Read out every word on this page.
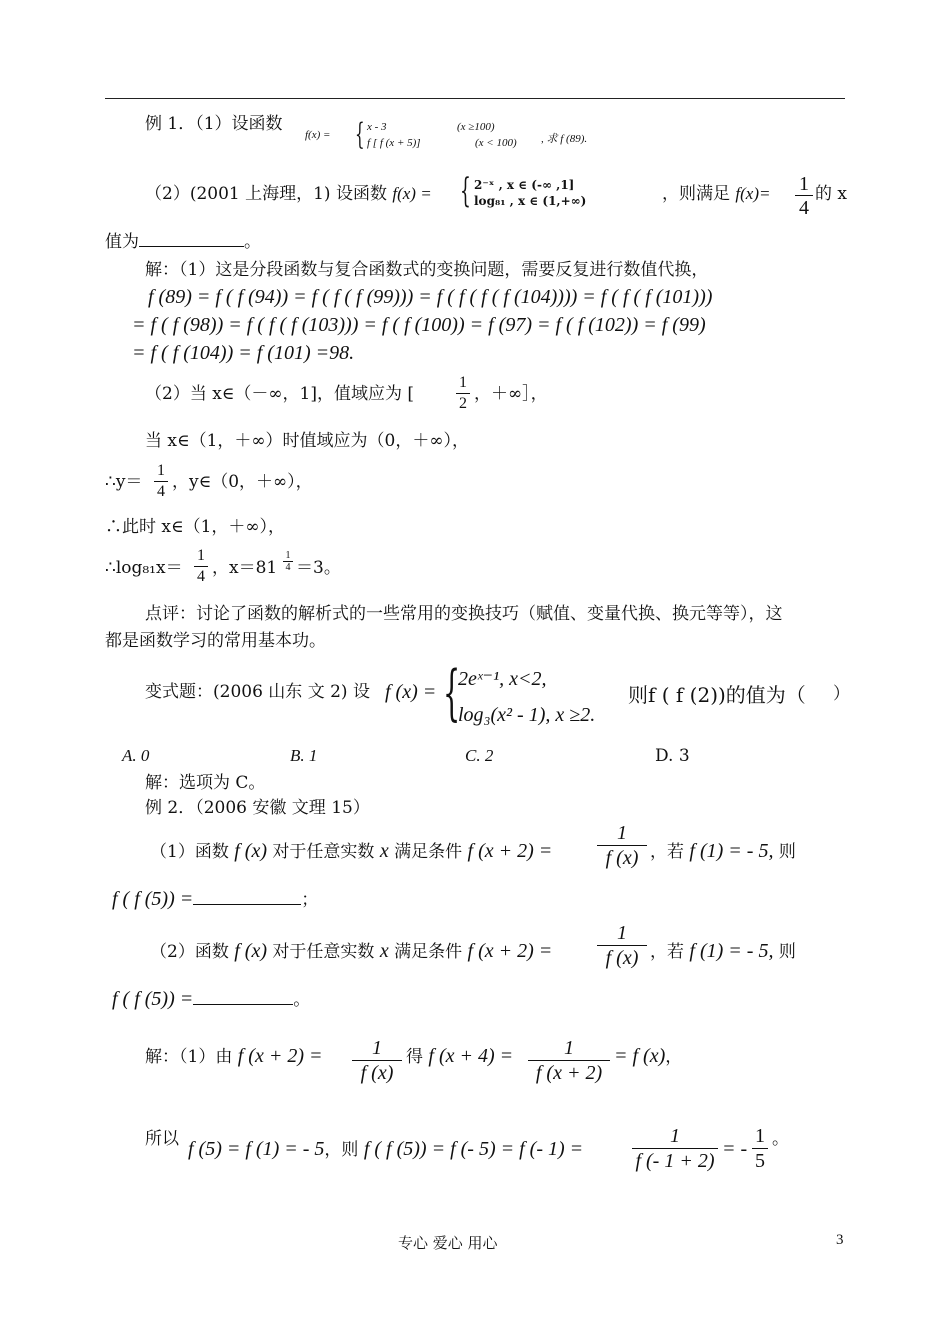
例 1．（1）设函数
f(x) = { x - 3	(x ≥100)
f [ f (x + 5)]	(x < 100) , 求 f (89).
（2）(2001 上海理，1) 设函数 f(x) = { 2⁻ˣ , x ∈ (-∞ ,1]
log₈₁ , x ∈ (1,+∞)	，则满足 f(x)= 1
4
的 x
值为	。
解：（1）这是分段函数与复合函数式的变换问题，需要反复进行数值代换，
f (89) = f ( f (94)) = f ( f ( f (99))) = f ( f ( f ( f (104)))) = f ( f ( f (101)))
= f ( f (98)) = f ( f ( f (103))) = f ( f (100)) = f (97) = f ( f (102)) = f (99)
= f ( f (104)) = f (101) =98.
（2）当 x∈（－∞，1]，值域应为 [
1
2 ，＋∞］，
当 x∈（1，＋∞）时值域应为（0，＋∞），
∴y＝
1
4 ，y∈（0，＋∞），
∴此时 x∈（1，＋∞），
∴log₈₁x＝
1
4 ，x＝81
1
4 ＝3。
点评：讨论了函数的解析式的一些常用的变换技巧（赋值、变量代换、换元等等），这
都是函数学习的常用基本功。
变式题：(2006 山东 文 2) 设 f (x) = {
2eˣ⁻¹, x<2,
log₃(x² - 1), x ≥2.
则f ( f (2))的值为（ ）
A. 0	B. 1	C. 2	D. 3
解：选项为 C。
例 2．（2006 安徽 文理 15）
（1）函数 f (x) 对于任意实数 x 满足条件 f (x + 2) =
1
f (x) ，若 f (1) = - 5, 则
f ( f (5)) =	；
（2）函数 f (x) 对于任意实数 x 满足条件 f (x + 2) =
1
f (x) ，若 f (1) = - 5, 则
f ( f (5)) =	。
解：（1）由 f (x + 2) =	1
f (x)
得 f (x + 4) =	1
f (x + 2)
= f (x)，
所以 f (5) = f (1) = - 5，则 f ( f (5)) = f (- 5) = f (- 1) =
1
f (- 1 + 2)
= -
1
5
。
专心 爱心 用心	3
